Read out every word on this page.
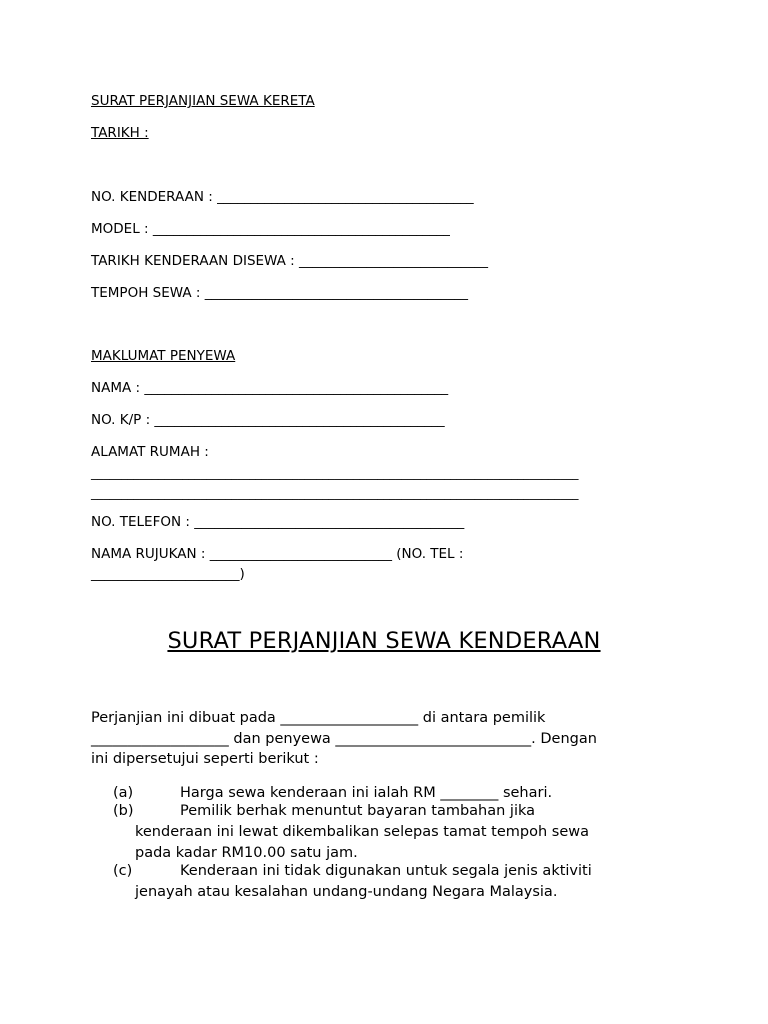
SURAT PERJANJIAN SEWA KERETA
TARIKH :
NO. KENDERAAN : ______________________________________
MODEL : ____________________________________________
TARIKH KENDERAAN DISEWA : ____________________________
TEMPOH SEWA : _______________________________________
MAKLUMAT PENYEWA
NAMA : _____________________________________________
NO. K/P : ___________________________________________
ALAMAT RUMAH :
________________________________________________________________________________
________________________________________________________________________________
NO. TELEFON : ________________________________________
NAMA RUJUKAN : ___________________________ (NO. TEL :
______________________)
SURAT PERJANJIAN SEWA KENDERAAN
Perjanjian ini dibuat pada ___________________ di antara pemilik
___________________ dan penyewa ___________________________. Dengan
ini dipersetujui seperti berikut :
(a)	Harga sewa kenderaan ini ialah RM ________ sehari.
(b)	Pemilik berhak menuntut bayaran tambahan jika
kenderaan ini lewat dikembalikan selepas tamat tempoh sewa
pada kadar RM10.00 satu jam.
(c)	Kenderaan ini tidak digunakan untuk segala jenis aktiviti
jenayah atau kesalahan undang-undang Negara Malaysia.
